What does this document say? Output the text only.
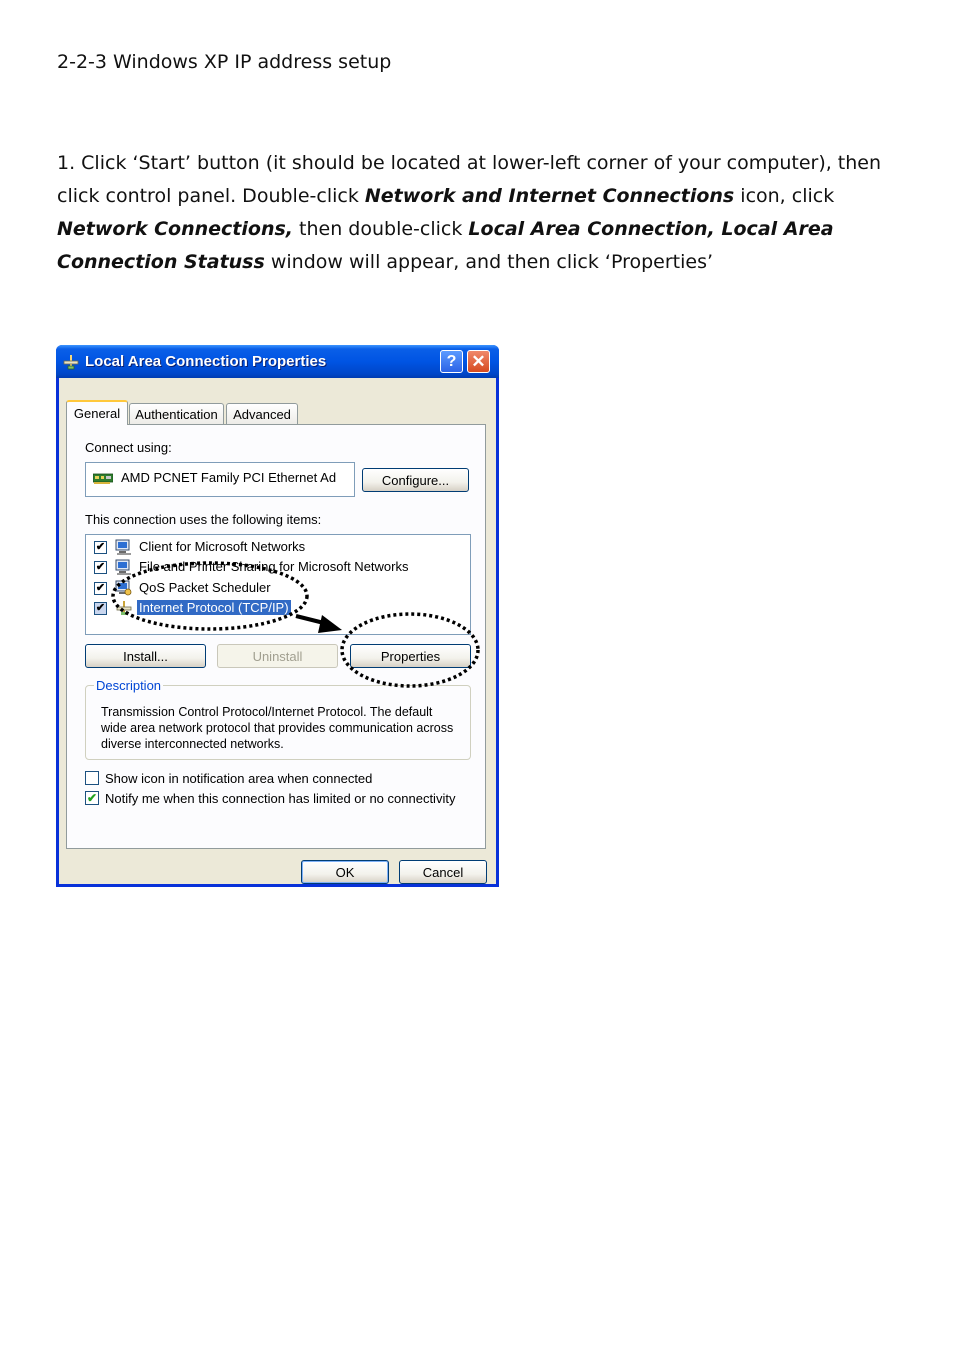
2-2-3 Windows XP IP address setup
1. Click ‘Start’ button (it should be located at lower-left corner of your computer), then click control panel. Double-click Network and Internet Connections icon, click Network Connections, then double-click Local Area Connection, Local Area Connection Statuss window will appear, and then click ‘Properties’
Local Area Connection Properties	? ✕
General	Authentication	Advanced
Connect using:
AMD PCNET Family PCI Ethernet Ad	Configure...
This connection uses the following items:
✔	Client for Microsoft Networks
✔	File and Printer Sharing for Microsoft Networks
✔	QoS Packet Scheduler
✔	Internet Protocol (TCP/IP)
Install...	Uninstall	Properties
Description
Transmission Control Protocol/Internet Protocol. The default wide area network protocol that provides communication across diverse interconnected networks.
Show icon in notification area when connected
✔ Notify me when this connection has limited or no connectivity
OK	Cancel
